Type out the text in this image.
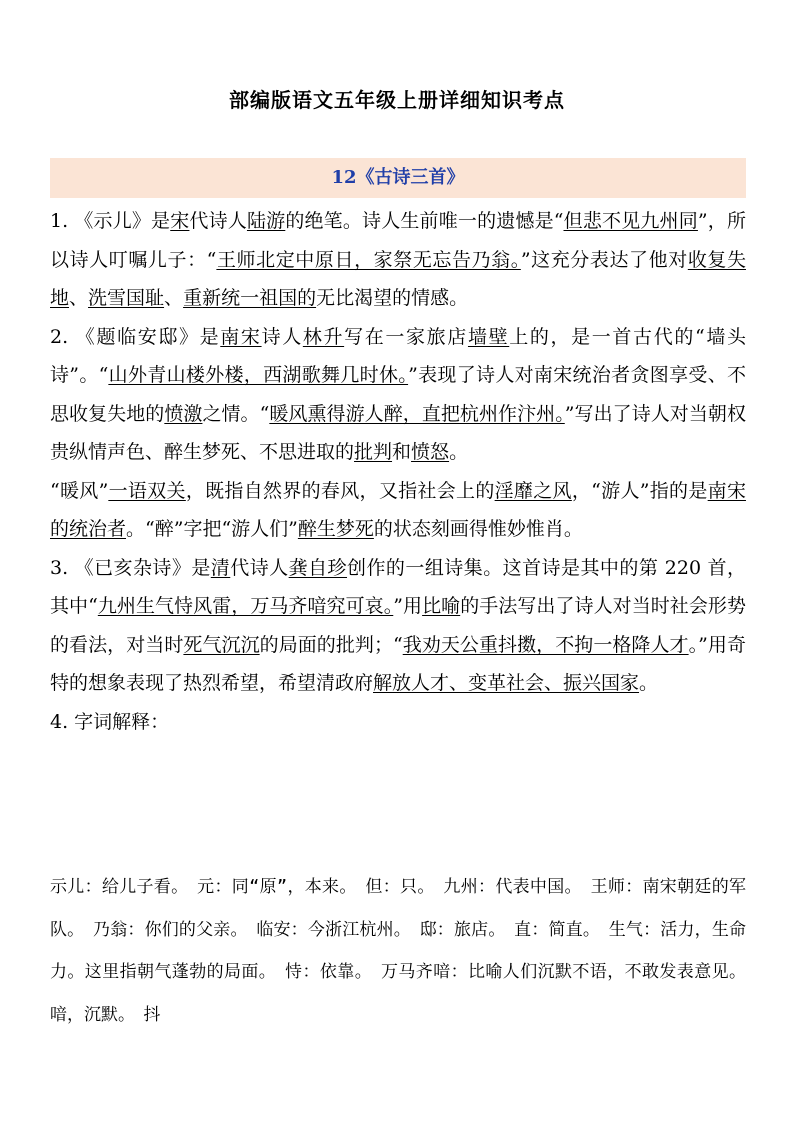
部编版语文五年级上册详细知识考点
12《古诗三首》

1. 《示儿》是宋代诗人陆游的绝笔。诗人生前唯一的遗憾是“但悲不见九州同”，所以诗人叮嘱儿子：“王师北定中原日，家祭无忘告乃翁。”这充分表达了他对收复失地、洗雪国耻、重新统一祖国的无比渴望的情感。

2. 《题临安邸》是南宋诗人林升写在一家旅店墙壁上的，是一首古代的“墙头诗”。“山外青山楼外楼，西湖歌舞几时休。”表现了诗人对南宋统治者贪图享受、不思收复失地的愤激之情。“暖风熏得游人醉，直把杭州作汴州。”写出了诗人对当朝权贵纵情声色、醉生梦死、不思进取的批判和愤怒。

“暖风”一语双关，既指自然界的春风，又指社会上的淫靡之风，“游人”指的是南宋的统治者。“醉”字把“游人们”醉生梦死的状态刻画得惟妙惟肖。

3. 《已亥杂诗》是清代诗人龚自珍创作的一组诗集。这首诗是其中的第 220 首，其中“九州生气恃风雷，万马齐喑究可哀。”用比喻的手法写出了诗人对当时社会形势的看法，对当时死气沉沉的局面的批判；“我劝天公重抖擞，不拘一格降人才。”用奇特的想象表现了热烈希望，希望清政府解放人才、变革社会、振兴国家。

4. 字词解释：

示儿：给儿子看。　元：同“原”，本来。　但：只。　九州：代表中国。　王师：南宋朝廷的军队。　乃翁：你们的父亲。　临安：今浙江杭州。　邸：旅店。　直：简直。　生气：活力，生命力。这里指朝气蓬勃的局面。　恃：依靠。　万马齐喑：比喻人们沉默不语，不敢发表意见。喑，沉默。　抖
